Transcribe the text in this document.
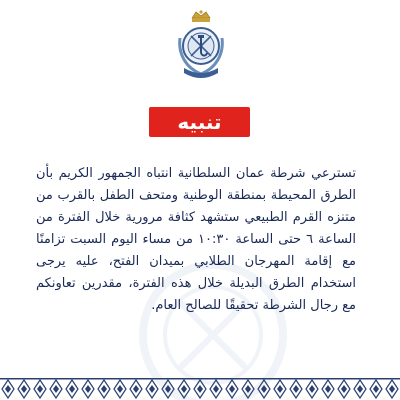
تنبيه

تسترعي شرطة عمان السلطانية انتباه الجمهور الكريم بأن الطرق المحيطة بمنطقة الوطنية ومتحف الطفل بالقرب من متنزه القرم الطبيعي ستشهد كثافة مرورية خلال الفترة من الساعة ٦ حتى الساعة ١٠:٣٠ من مساء اليوم السبت تزامنًا مع إقامة المهرجان الطلابي بميدان الفتح، عليه يرجى استخدام الطرق البديلة خلال هذه الفترة، مقدرين تعاونكم مع رجال الشرطة تحقيقًا للصالح العام.
